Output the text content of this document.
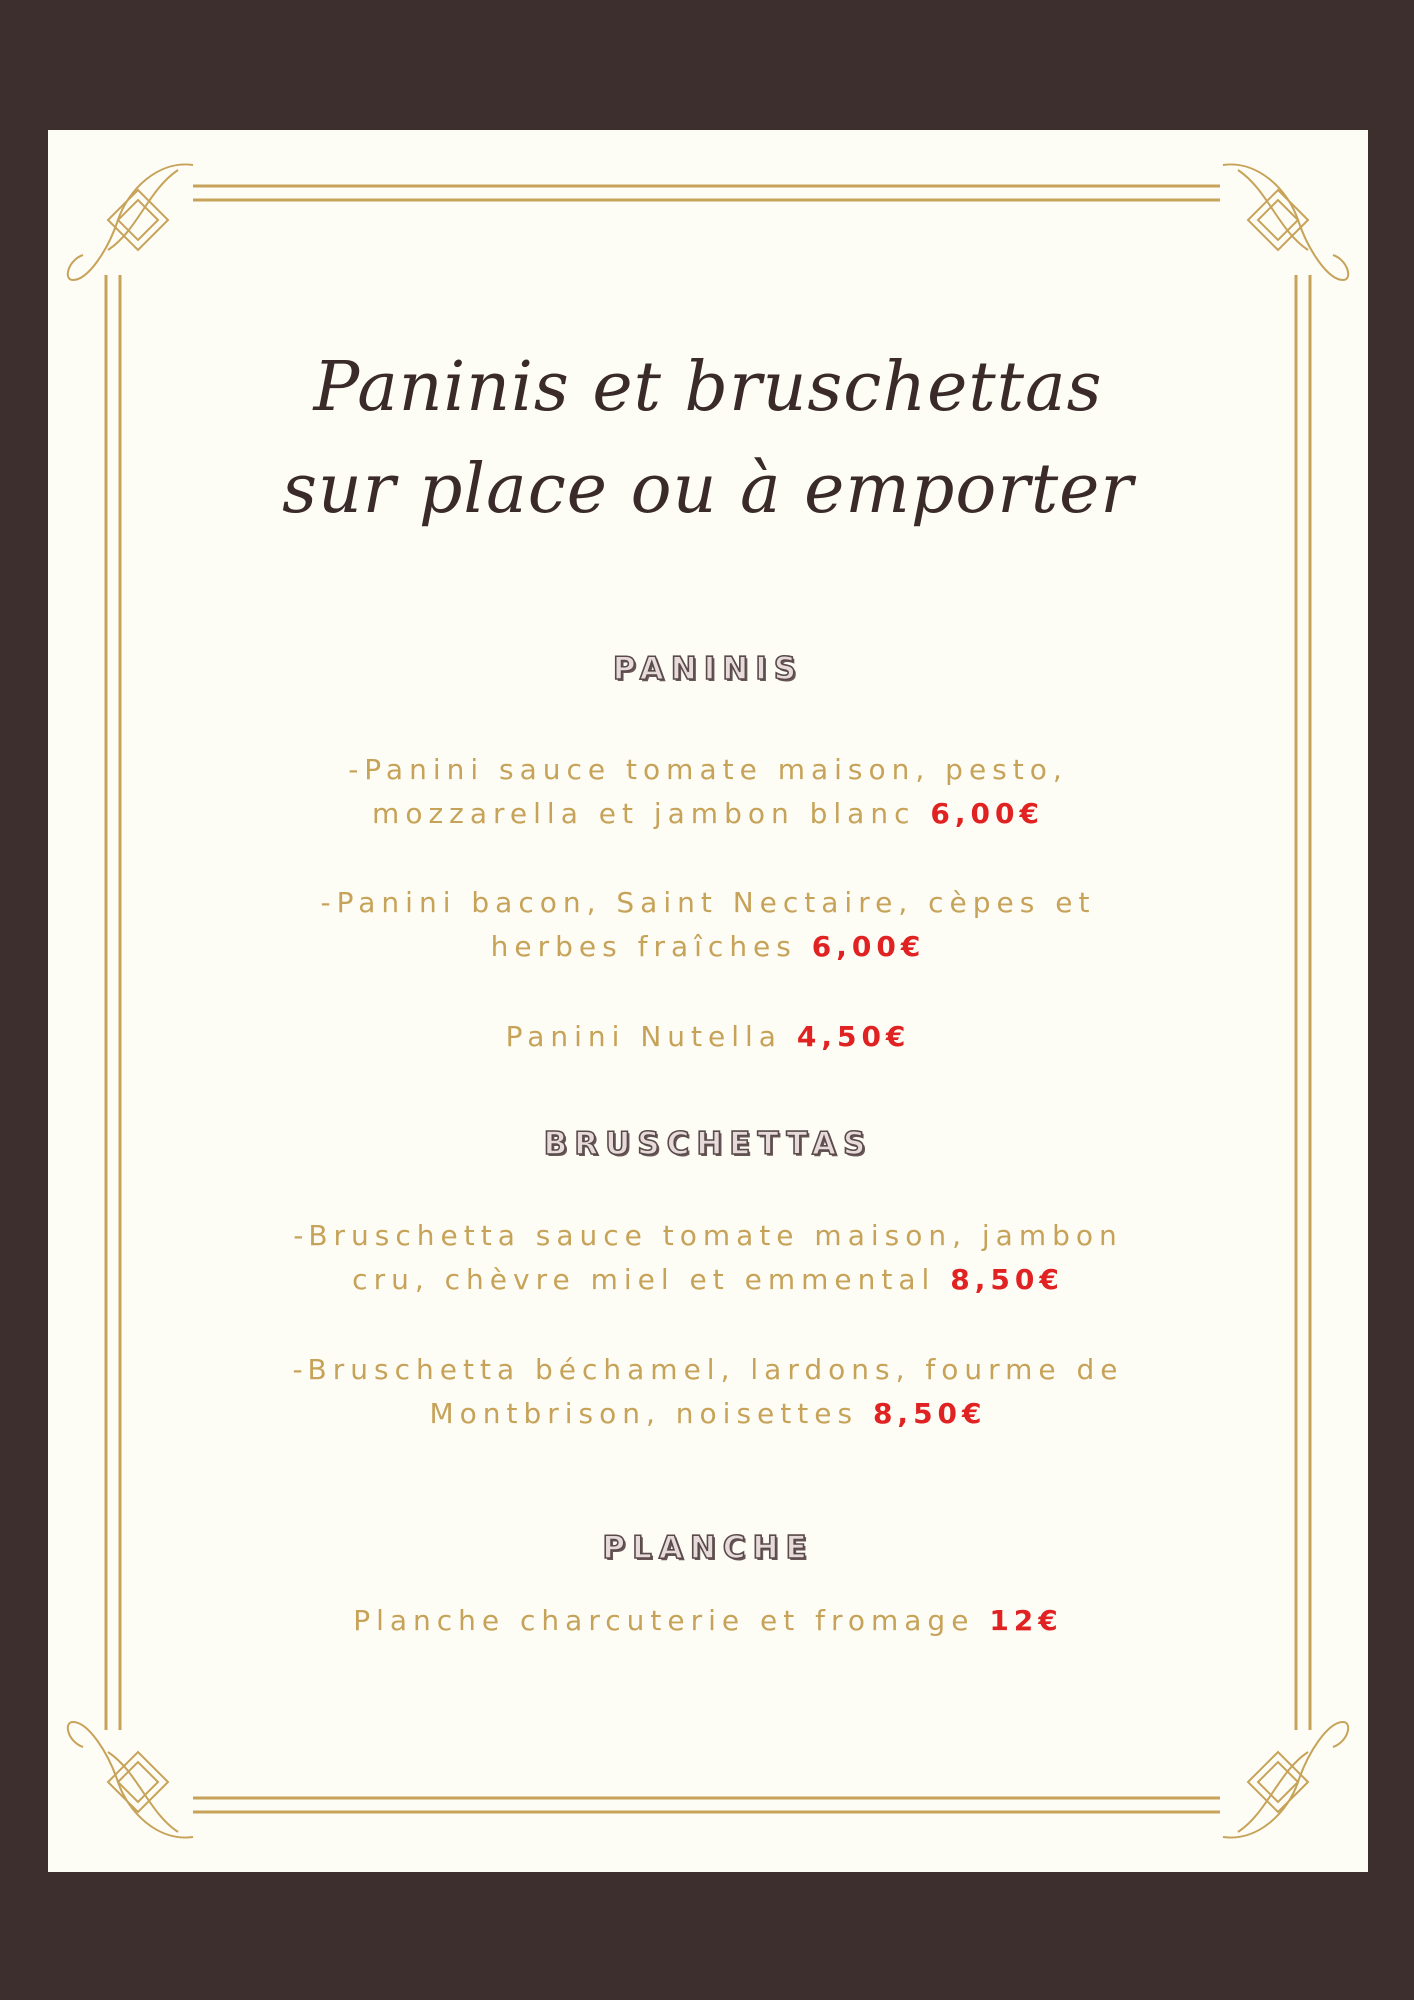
Paninis et bruschettas
sur place ou à emporter
PANINIS
-Panini sauce tomate maison, pesto,
mozzarella et jambon blanc 6,00€
-Panini bacon, Saint Nectaire, cèpes et
herbes fraîches 6,00€
Panini Nutella 4,50€
BRUSCHETTAS
-Bruschetta sauce tomate maison, jambon
cru, chèvre miel et emmental 8,50€
-Bruschetta béchamel, lardons, fourme de
Montbrison, noisettes 8,50€
PLANCHE
Planche charcuterie et fromage 12€
